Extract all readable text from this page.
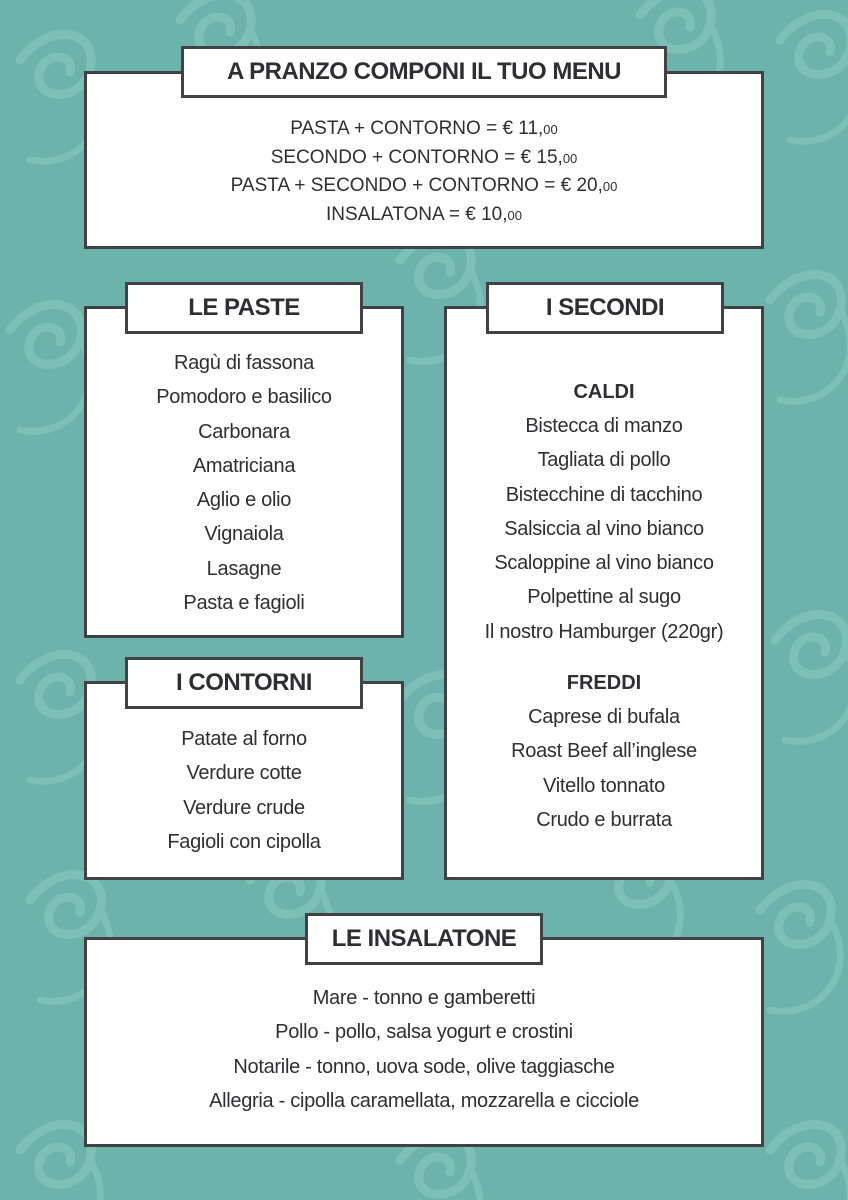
A PRANZO COMPONI IL TUO MENU
PASTA + CONTORNO = € 11,00
SECONDO + CONTORNO = € 15,00
PASTA + SECONDO + CONTORNO = € 20,00
INSALATONA = € 10,00
LE PASTE
Ragù di fassona
Pomodoro e basilico
Carbonara
Amatriciana
Aglio e olio
Vignaiola
Lasagne
Pasta e fagioli
I SECONDI
CALDI
Bistecca di manzo
Tagliata di pollo
Bistecchine di tacchino
Salsiccia al vino bianco
Scaloppine al vino bianco
Polpettine al sugo
Il nostro Hamburger (220gr)
FREDDI
Caprese di bufala
Roast Beef all’inglese
Vitello tonnato
Crudo e burrata
I CONTORNI
Patate al forno
Verdure cotte
Verdure crude
Fagioli con cipolla
LE INSALATONE
Mare - tonno e gamberetti
Pollo - pollo, salsa yogurt e crostini
Notarile - tonno, uova sode, olive taggiasche
Allegria - cipolla caramellata, mozzarella e cicciole
